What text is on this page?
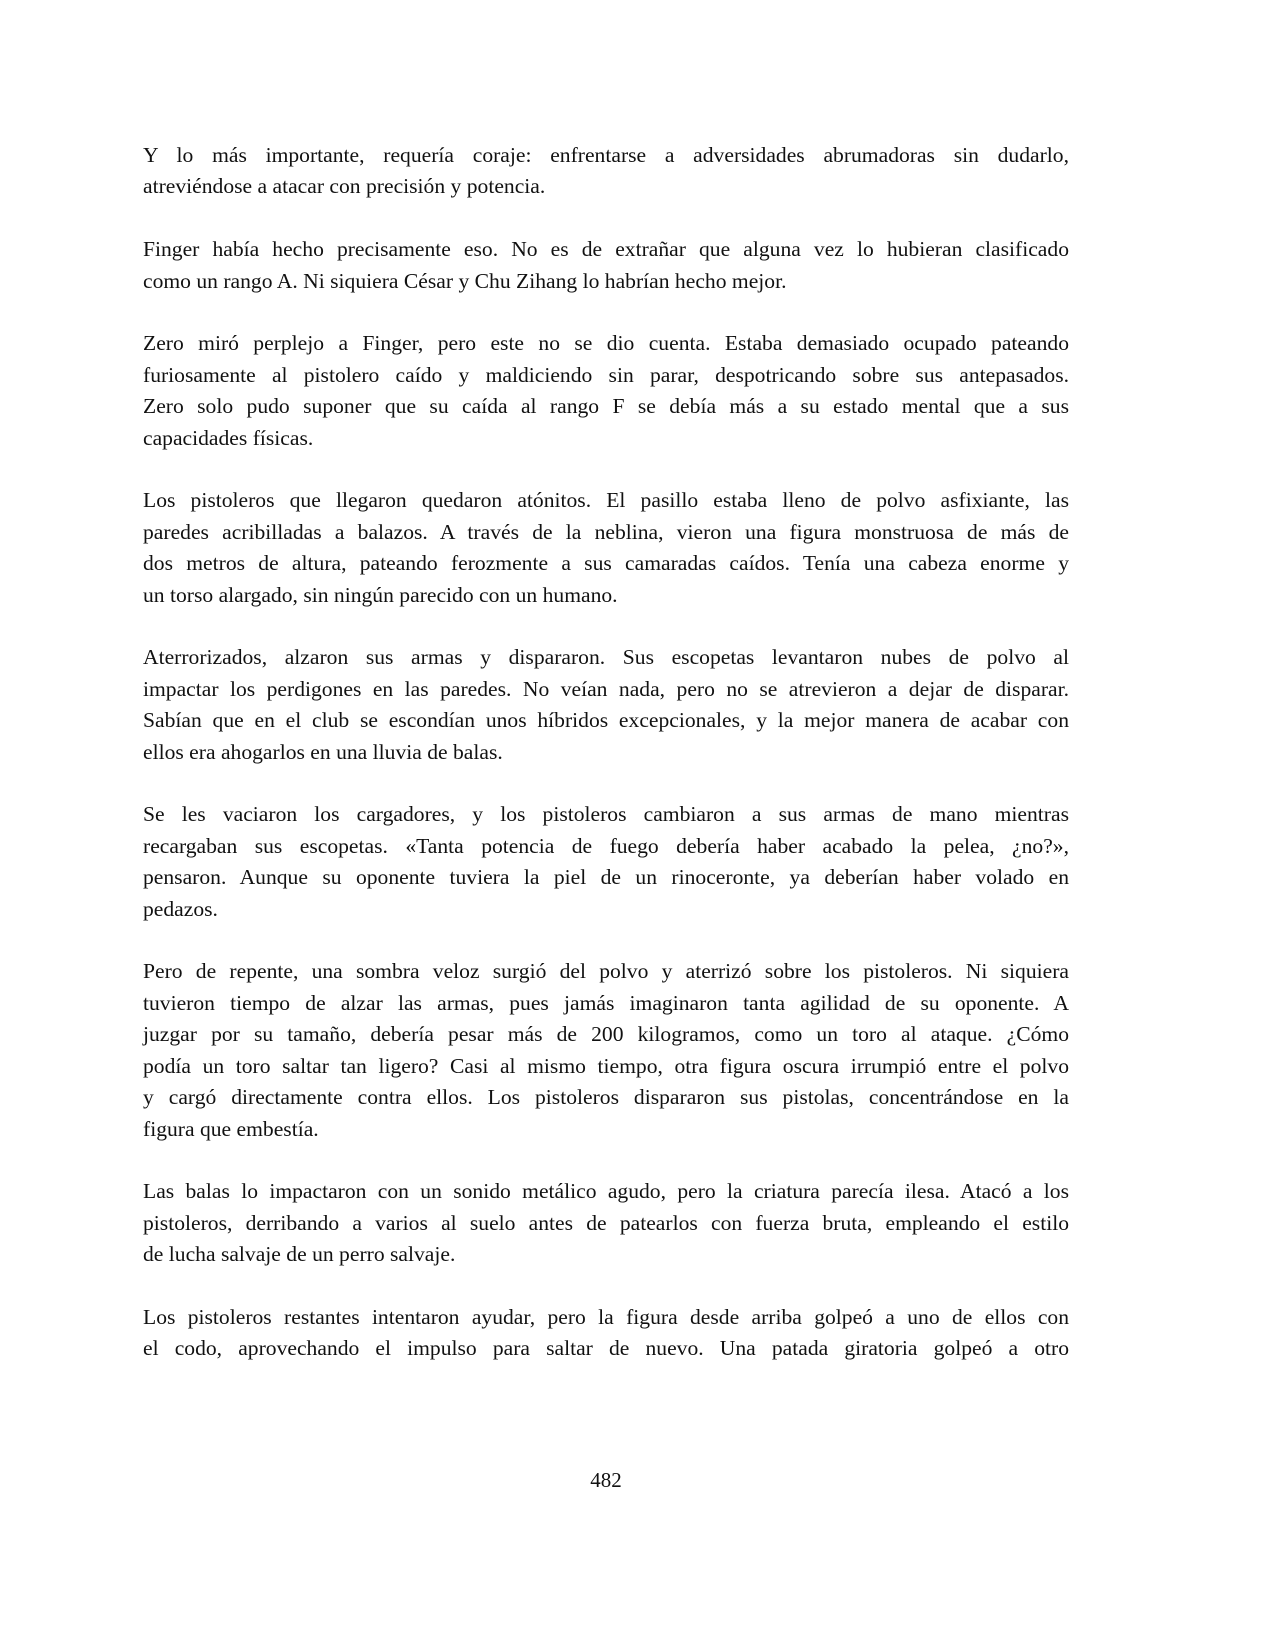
Y lo más importante, requería coraje: enfrentarse a adversidades abrumadoras sin dudarlo,
atreviéndose a atacar con precisión y potencia.

Finger había hecho precisamente eso. No es de extrañar que alguna vez lo hubieran clasificado
como un rango A. Ni siquiera César y Chu Zihang lo habrían hecho mejor.

Zero miró perplejo a Finger, pero este no se dio cuenta. Estaba demasiado ocupado pateando
furiosamente al pistolero caído y maldiciendo sin parar, despotricando sobre sus antepasados.
Zero solo pudo suponer que su caída al rango F se debía más a su estado mental que a sus
capacidades físicas.

Los pistoleros que llegaron quedaron atónitos. El pasillo estaba lleno de polvo asfixiante, las
paredes acribilladas a balazos. A través de la neblina, vieron una figura monstruosa de más de
dos metros de altura, pateando ferozmente a sus camaradas caídos. Tenía una cabeza enorme y
un torso alargado, sin ningún parecido con un humano.

Aterrorizados, alzaron sus armas y dispararon. Sus escopetas levantaron nubes de polvo al
impactar los perdigones en las paredes. No veían nada, pero no se atrevieron a dejar de disparar.
Sabían que en el club se escondían unos híbridos excepcionales, y la mejor manera de acabar con
ellos era ahogarlos en una lluvia de balas.

Se les vaciaron los cargadores, y los pistoleros cambiaron a sus armas de mano mientras
recargaban sus escopetas. «Tanta potencia de fuego debería haber acabado la pelea, ¿no?»,
pensaron. Aunque su oponente tuviera la piel de un rinoceronte, ya deberían haber volado en
pedazos.

Pero de repente, una sombra veloz surgió del polvo y aterrizó sobre los pistoleros. Ni siquiera
tuvieron tiempo de alzar las armas, pues jamás imaginaron tanta agilidad de su oponente. A
juzgar por su tamaño, debería pesar más de 200 kilogramos, como un toro al ataque. ¿Cómo
podía un toro saltar tan ligero? Casi al mismo tiempo, otra figura oscura irrumpió entre el polvo
y cargó directamente contra ellos. Los pistoleros dispararon sus pistolas, concentrándose en la
figura que embestía.

Las balas lo impactaron con un sonido metálico agudo, pero la criatura parecía ilesa. Atacó a los
pistoleros, derribando a varios al suelo antes de patearlos con fuerza bruta, empleando el estilo
de lucha salvaje de un perro salvaje.

Los pistoleros restantes intentaron ayudar, pero la figura desde arriba golpeó a uno de ellos con
el codo, aprovechando el impulso para saltar de nuevo. Una patada giratoria golpeó a otro

482
